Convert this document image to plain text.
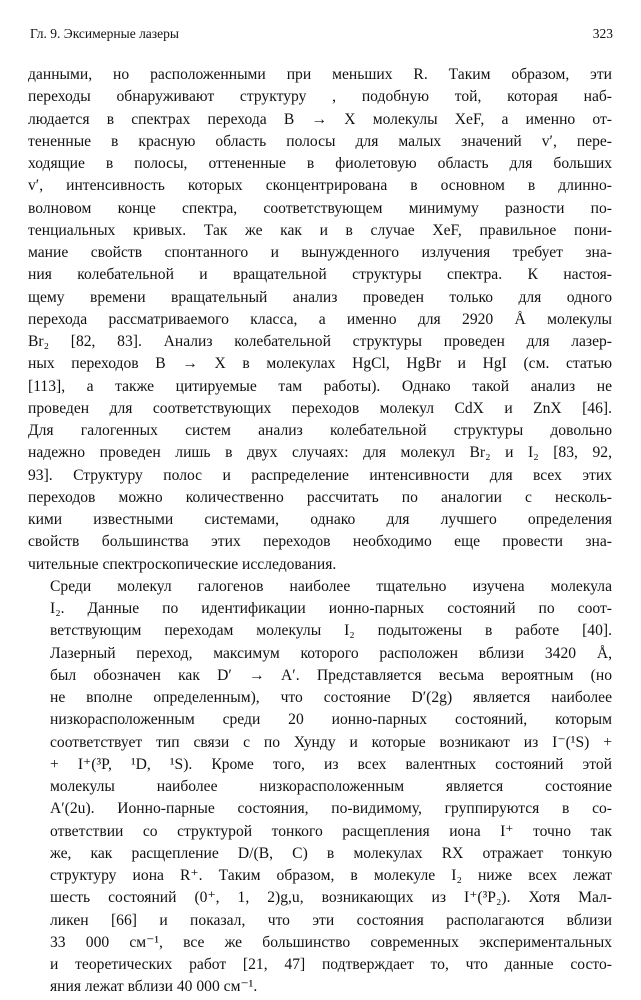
Гл. 9. Эксимерные лазеры	323

данными, но расположенными при меньших R. Таким образом, эти
переходы обнаруживают структуру , подобную той, которая наб-
людается в спектрах перехода B → X молекулы XeF, а именно от-
тененные в красную область полосы для малых значений v′, пере-
ходящие в полосы, оттененные в фиолетовую область для больших
v′, интенсивность которых сконцентрирована в основном в длинно-
волновом конце спектра, соответствующем минимуму разности по-
тенциальных кривых. Так же как и в случае XeF, правильное пони-
мание свойств спонтанного и вынужденного излучения требует зна-
ния колебательной и вращательной структуры спектра. К настоя-
щему времени вращательный анализ проведен только для одного
перехода рассматриваемого класса, а именно для 2920 Å молекулы
Br₂ [82, 83]. Анализ колебательной структуры проведен для лазер-
ных переходов B → X в молекулах HgCl, HgBr и HgI (см. статью
[113], а также цитируемые там работы). Однако такой анализ не
проведен для соответствующих переходов молекул CdX и ZnX [46].
Для галогенных систем анализ колебательной структуры довольно
надежно проведен лишь в двух случаях: для молекул Br₂ и I₂ [83, 92,
93]. Структуру полос и распределение интенсивности для всех этих
переходов можно количественно рассчитать по аналогии с несколь-
кими известными системами, однако для лучшего определения
свойств большинства этих переходов необходимо еще провести зна-
чительные спектроскопические исследования.

Среди молекул галогенов наиболее тщательно изучена молекула
I₂. Данные по идентификации ионно-парных состояний по соот-
ветствующим переходам молекулы I₂ подытожены в работе [40].
Лазерный переход, максимум которого расположен вблизи 3420 Å,
был обозначен как D′ → A′. Представляется весьма вероятным (но
не вполне определенным), что состояние D′(2g) является наиболее
низкорасположенным среди 20 ионно-парных состояний, которым
соответствует тип связи c по Хунду и которые возникают из I⁻(¹S) +
+ I⁺(³P, ¹D, ¹S). Кроме того, из всех валентных состояний этой
молекулы наиболее низкорасположенным является состояние
A′(2u). Ионно-парные состояния, по-видимому, группируются в со-
ответствии со структурой тонкого расщепления иона I⁺ точно так
же, как расщепление D/(B, C) в молекулах RX отражает тонкую
структуру иона R⁺. Таким образом, в молекуле I₂ ниже всех лежат
шесть состояний (0⁺, 1, 2)g,u, возникающих из I⁺(³P₂). Хотя Мал-
ликен [66] и показал, что эти состояния располагаются вблизи
33 000 см⁻¹, все же большинство современных экспериментальных
и теоретических работ [21, 47] подтверждает то, что данные состо-
яния лежат вблизи 40 000 см⁻¹.
